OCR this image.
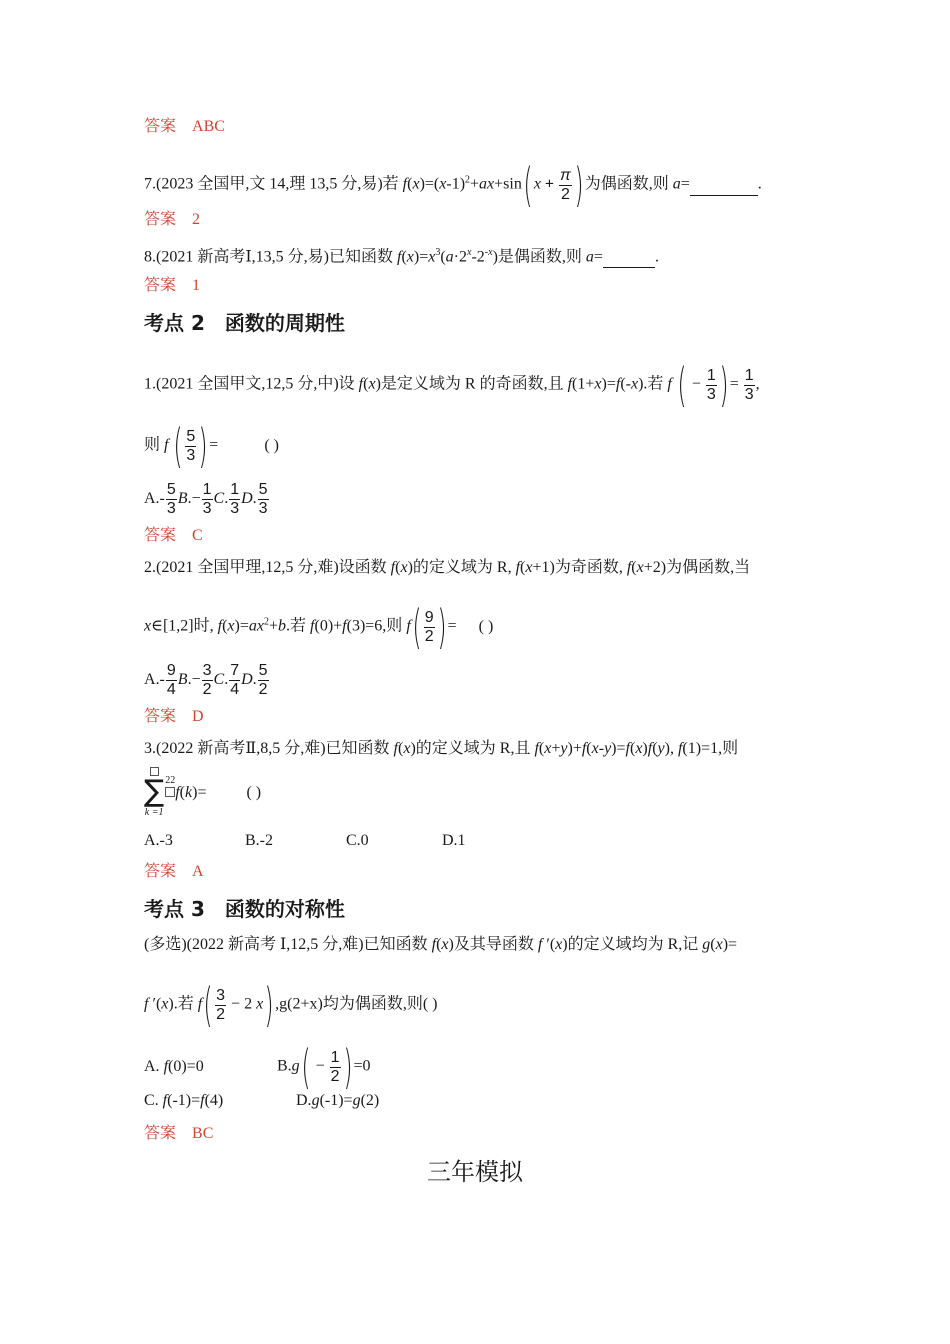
答案 ABC
7.(2023 全国甲,文 14,理 13,5 分,易)若 $f(x)=(x-1)^2+ax+\sin(x + \frac{\pi}{2}$ )为偶函数,则 a=	.
答案 2
8.(2021 新高考Ⅰ,13,5 分,易)已知函数 $f(x)=x^3(a\cdot 2^x-2^{-x})$是偶函数,则 a=	.
答案 1
考点 2 函数的周期性
1.(2021 全国甲文,12,5 分,中)设 f(x)是定义域为 R 的奇函数,且 f(1+x)=f(-x).若 f ( − $\frac{1}{3}$ )= $\frac{1}{3}$ ,
则 f ( $\frac{5}{3}$ )=	( )
$A.- \frac{5}{3} B.- \frac{1}{3} C$. $\frac{1}{3} D$. $\frac{5}{3}$
答案 C
2.(2021 全国甲理,12,5 分,难)设函数 f(x)的定义域为 R, f(x+1)为奇函数, f(x+2)为偶函数,当
x∈[1,2]时, $f(x)=ax^2+b$.若 f(0)+f(3)=6,则 $f( \frac{9}{2}$ )= ( )
$A.- \frac{9}{4} B.- \frac{3}{2} C$. $\frac{7}{4} D$. $\frac{5}{2}$
答案 D
3.(2022 新高考Ⅱ,8,5 分,难)已知函数 f(x)的定义域为 R,且 f(x+y)+f(x-y)=f(x)f(y), f(1)=1,则
∑
k =1
22
f(k)=	( )
A.-3	B.-2	C.0	D.1
答案 A
考点 3 函数的对称性
(多选)(2022 新高考 Ⅰ,12,5 分,难)已知函数 f(x)及其导函数 f ′(x)的定义域均为 R,记 g(x)=
f ′(x).若 $f( \frac{3}{2} - 2$ x),g(2+x)均为偶函数,则( )
A. f(0)=0	$B.g( - \frac{1}{2} )=0$
C. f(-1)=f(4)	D.g(-1)=g(2)
答案 BC
三年模拟
